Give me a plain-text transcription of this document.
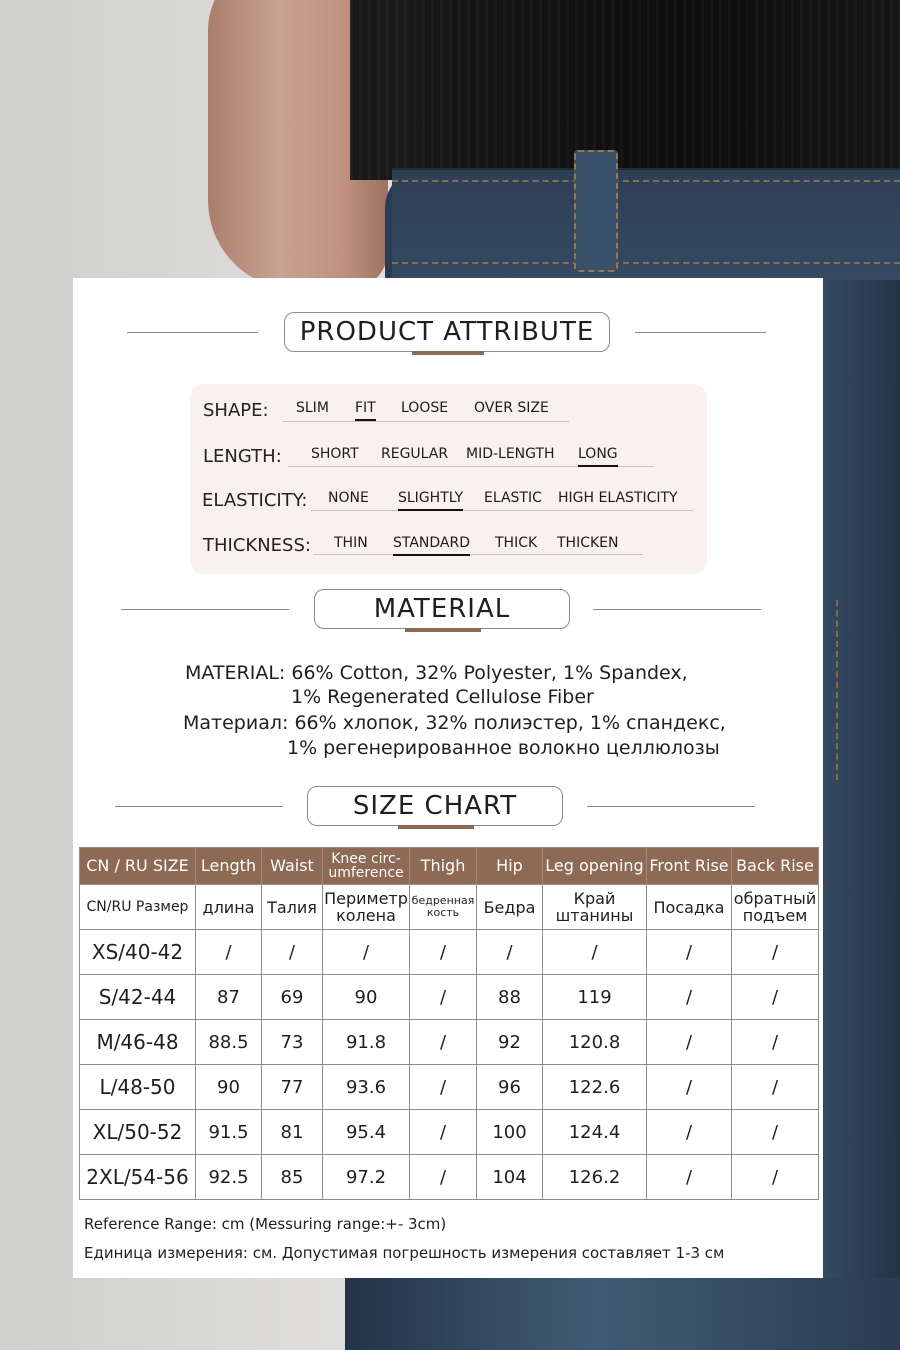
PRODUCT ATTRIBUTE
SHAPE: SLIM FIT LOOSE OVER SIZE
LENGTH: SHORT REGULAR MID-LENGTH LONG
ELASTICITY: NONE SLIGHTLY ELASTIC HIGH ELASTICITY
THICKNESS: THIN STANDARD THICK THICKEN
MATERIAL
MATERIAL: 66% Cotton, 32% Polyester, 1% Spandex,
1% Regenerated Cellulose Fiber
Материал: 66% хлопок, 32% полиэстер, 1% спандекс,
1% регенерированное волокно целлюлозы
SIZE CHART
CN / RU SIZE	Length	Waist	Knee circ-
umference	Thigh	Hip	Leg opening	Front Rise	Back Rise
CN/RU Размер	длина	Талия	Периметр
колена	бедренная
кость	Бедра	Край
штанины	Посадка	обратный
подъем
XS/40-42	/	/	/	/	/	/	/	/
S/42-44	87	69	90	/	88	119	/	/
M/46-48	88.5	73	91.8	/	92	120.8	/	/
L/48-50	90	77	93.6	/	96	122.6	/	/
XL/50-52	91.5	81	95.4	/	100	124.4	/	/
2XL/54-56	92.5	85	97.2	/	104	126.2	/	/
Reference Range: cm (Messuring range:+- 3cm)
Единица измерения: см. Допустимая погрешность измерения составляет 1-3 см
